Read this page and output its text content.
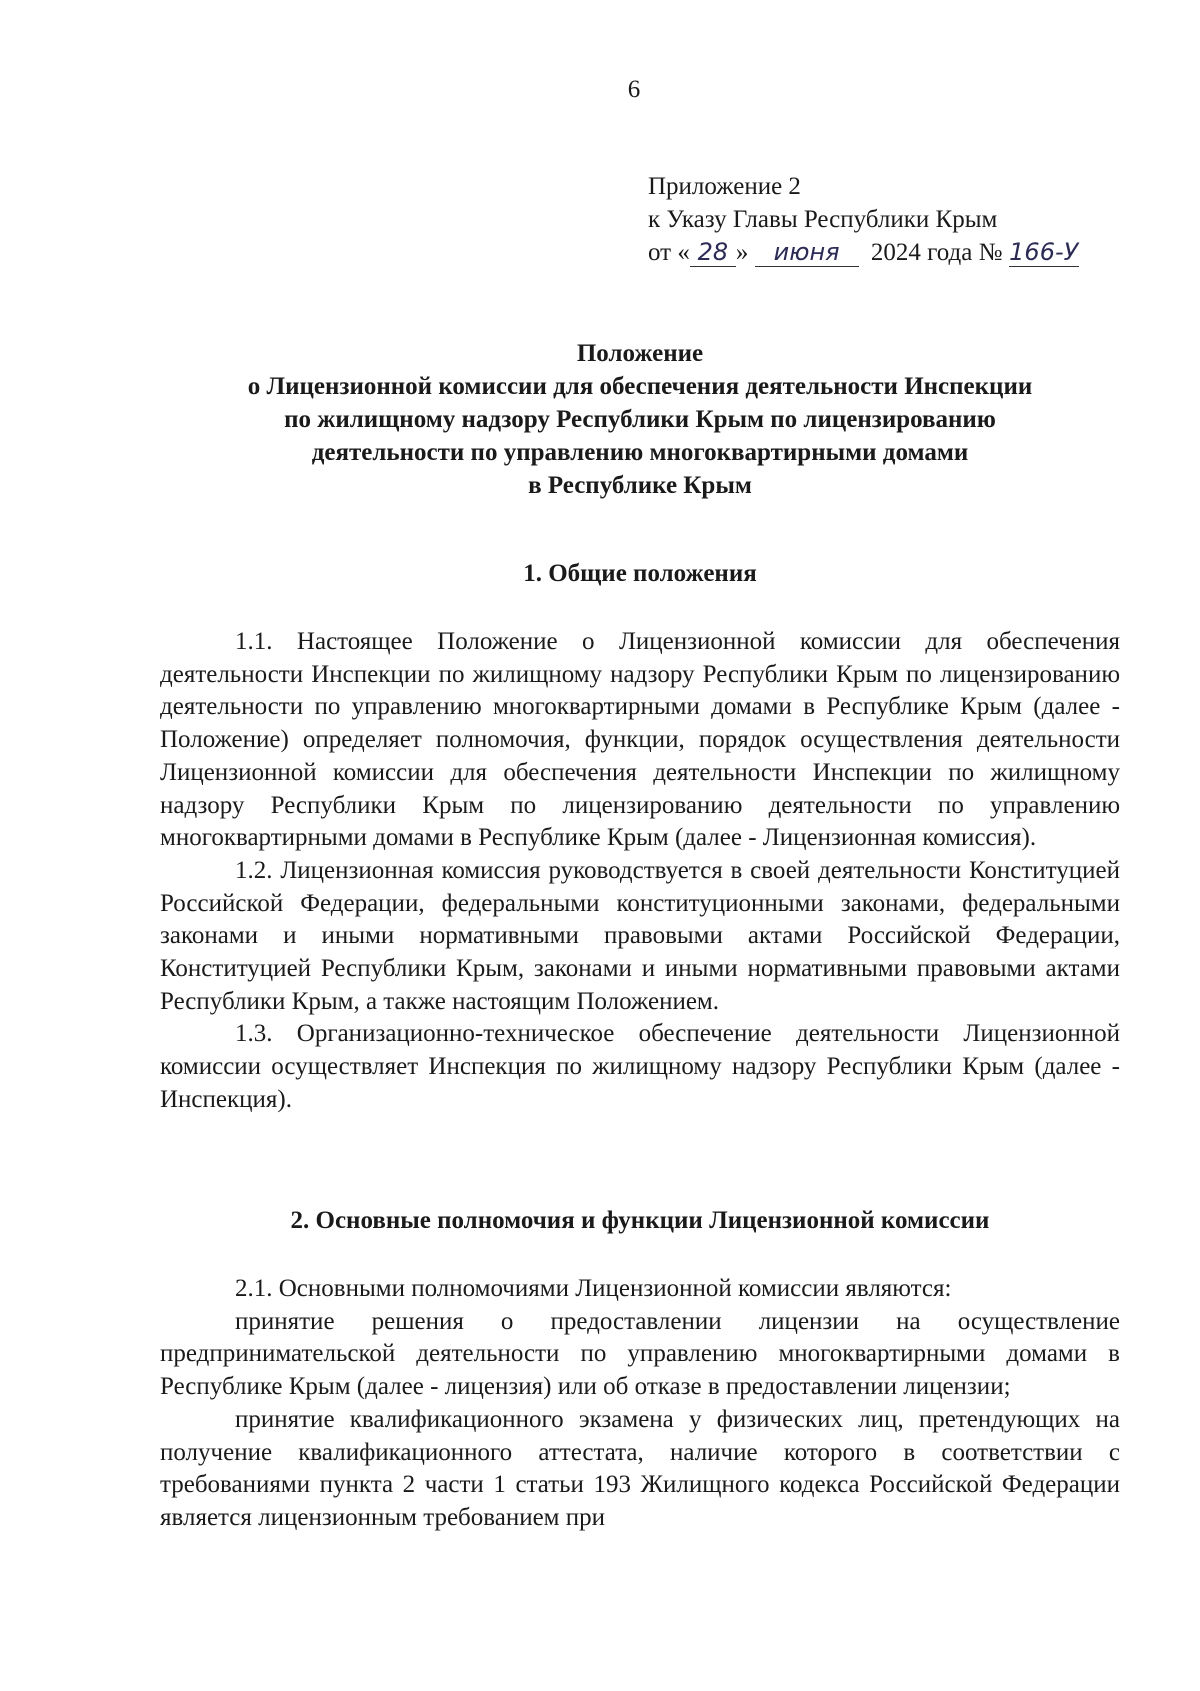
6
Приложение 2
к Указу Главы Республики Крым
от « 28 » июня 2024 года № 166-У
Положение
о Лицензионной комиссии для обеспечения деятельности Инспекции
по жилищному надзору Республики Крым по лицензированию
деятельности по управлению многоквартирными домами
в Республике Крым
1. Общие положения

1.1. Настоящее Положение о Лицензионной комиссии для обеспечения деятельности Инспекции по жилищному надзору Республики Крым по лицензированию деятельности по управлению многоквартирными домами в Республике Крым (далее - Положение) определяет полномочия, функции, порядок осуществления деятельности Лицензионной комиссии для обеспечения деятельности Инспекции по жилищному надзору Республики Крым по лицензированию деятельности по управлению многоквартирными домами в Республике Крым (далее - Лицензионная комиссия).

1.2. Лицензионная комиссия руководствуется в своей деятельности Конституцией Российской Федерации, федеральными конституционными законами, федеральными законами и иными нормативными правовыми актами Российской Федерации, Конституцией Республики Крым, законами и иными нормативными правовыми актами Республики Крым, а также настоящим Положением.

1.3. Организационно-техническое обеспечение деятельности Лицензионной комиссии осуществляет Инспекция по жилищному надзору Республики Крым (далее - Инспекция).

2. Основные полномочия и функции Лицензионной комиссии

2.1. Основными полномочиями Лицензионной комиссии являются:

принятие решения о предоставлении лицензии на осуществление предпринимательской деятельности по управлению многоквартирными домами в Республике Крым (далее - лицензия) или об отказе в предоставлении лицензии;

принятие квалификационного экзамена у физических лиц, претендующих на получение квалификационного аттестата, наличие которого в соответствии с требованиями пункта 2 части 1 статьи 193 Жилищного кодекса Российской Федерации является лицензионным требованием при
